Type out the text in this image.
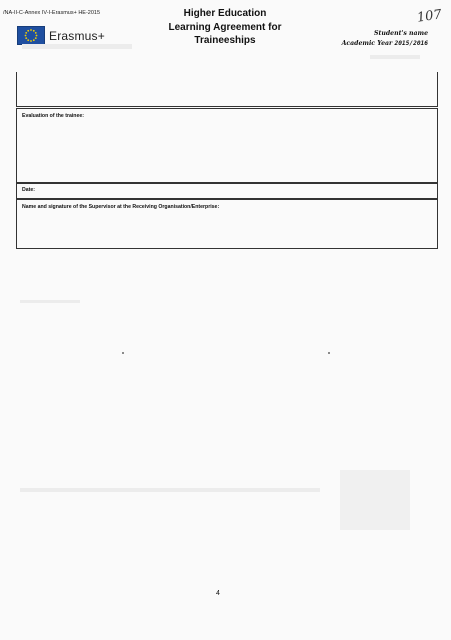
/NA-II-C-Annex IV-I-Erasmus+ HE-2015
Erasmus+
Higher Education
Learning Agreement for
Traineeships
107
Student's name
Academic Year 2015/2016
Evaluation of the trainee:
Date:
Name and signature of the Supervisor at the Receiving Organisation/Enterprise:
4
